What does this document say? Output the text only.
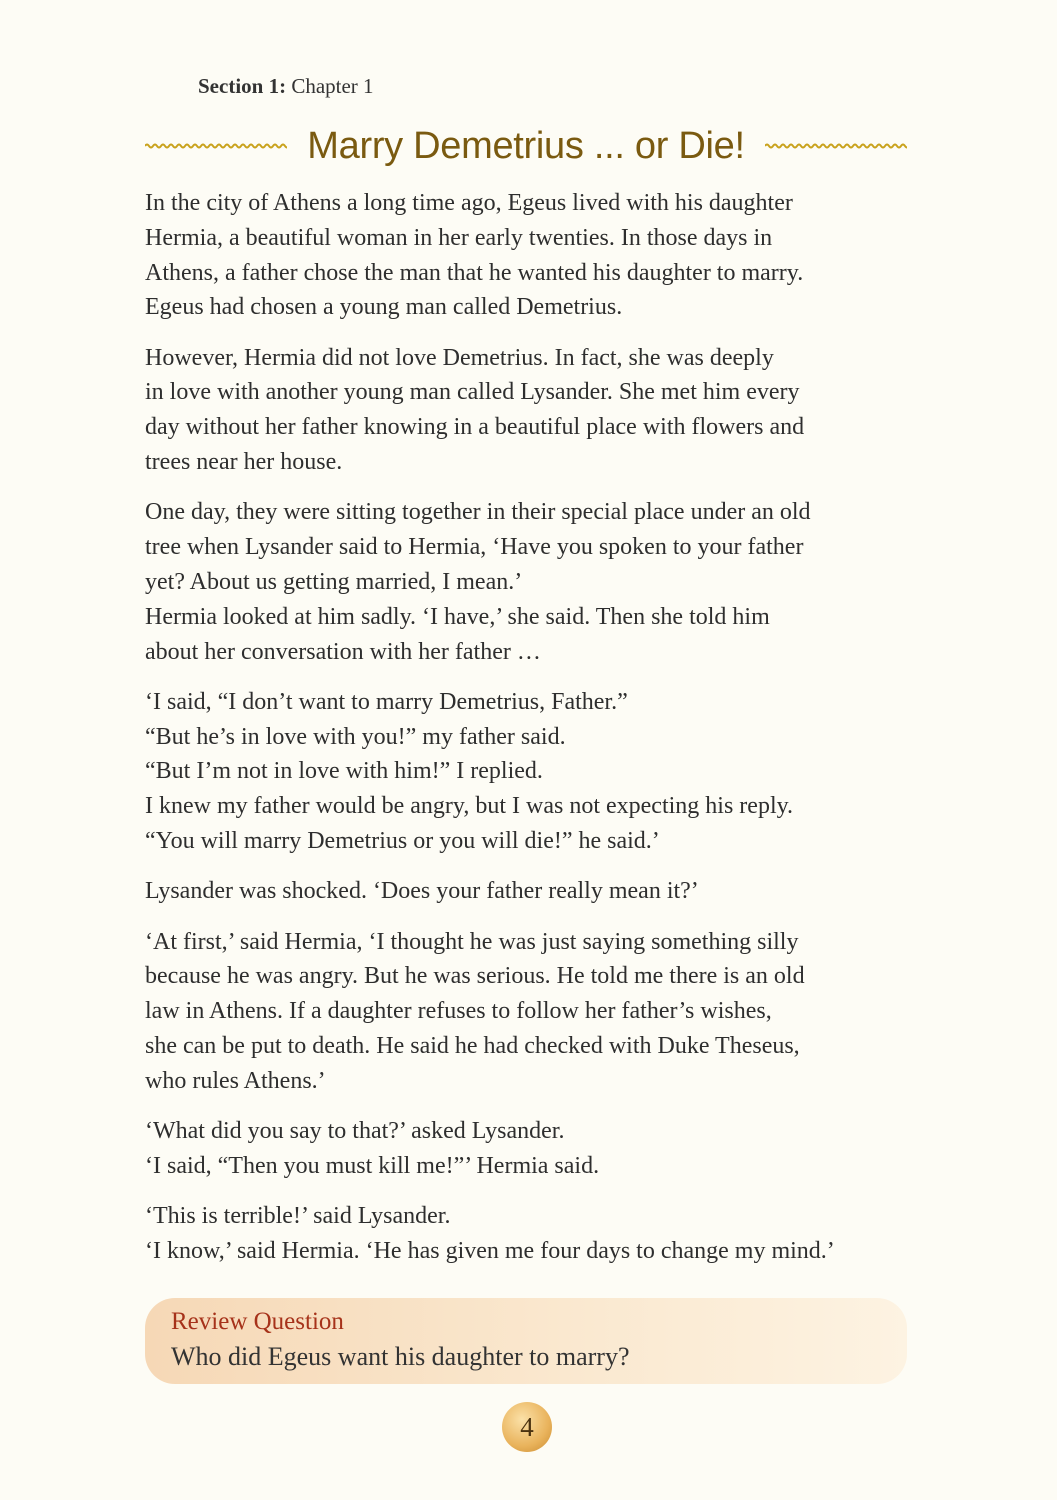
Section 1: Chapter 1
Marry Demetrius ... or Die!

In the city of Athens a long time ago, Egeus lived with his daughter
Hermia, a beautiful woman in her early twenties. In those days in
Athens, a father chose the man that he wanted his daughter to marry.
Egeus had chosen a young man called Demetrius.

However, Hermia did not love Demetrius. In fact, she was deeply
in love with another young man called Lysander. She met him every
day without her father knowing in a beautiful place with flowers and
trees near her house.

One day, they were sitting together in their special place under an old
tree when Lysander said to Hermia, ‘Have you spoken to your father
yet? About us getting married, I mean.’
Hermia looked at him sadly. ‘I have,’ she said. Then she told him
about her conversation with her father …

‘I said, “I don’t want to marry Demetrius, Father.”
“But he’s in love with you!” my father said.
“But I’m not in love with him!” I replied.
I knew my father would be angry, but I was not expecting his reply.
“You will marry Demetrius or you will die!” he said.’

Lysander was shocked. ‘Does your father really mean it?’

‘At first,’ said Hermia, ‘I thought he was just saying something silly
because he was angry. But he was serious. He told me there is an old
law in Athens. If a daughter refuses to follow her father’s wishes,
she can be put to death. He said he had checked with Duke Theseus,
who rules Athens.’

‘What did you say to that?’ asked Lysander.
‘I said, “Then you must kill me!”’ Hermia said.

‘This is terrible!’ said Lysander.
‘I know,’ said Hermia. ‘He has given me four days to change my mind.’

Review Question
Who did Egeus want his daughter to marry?
4
